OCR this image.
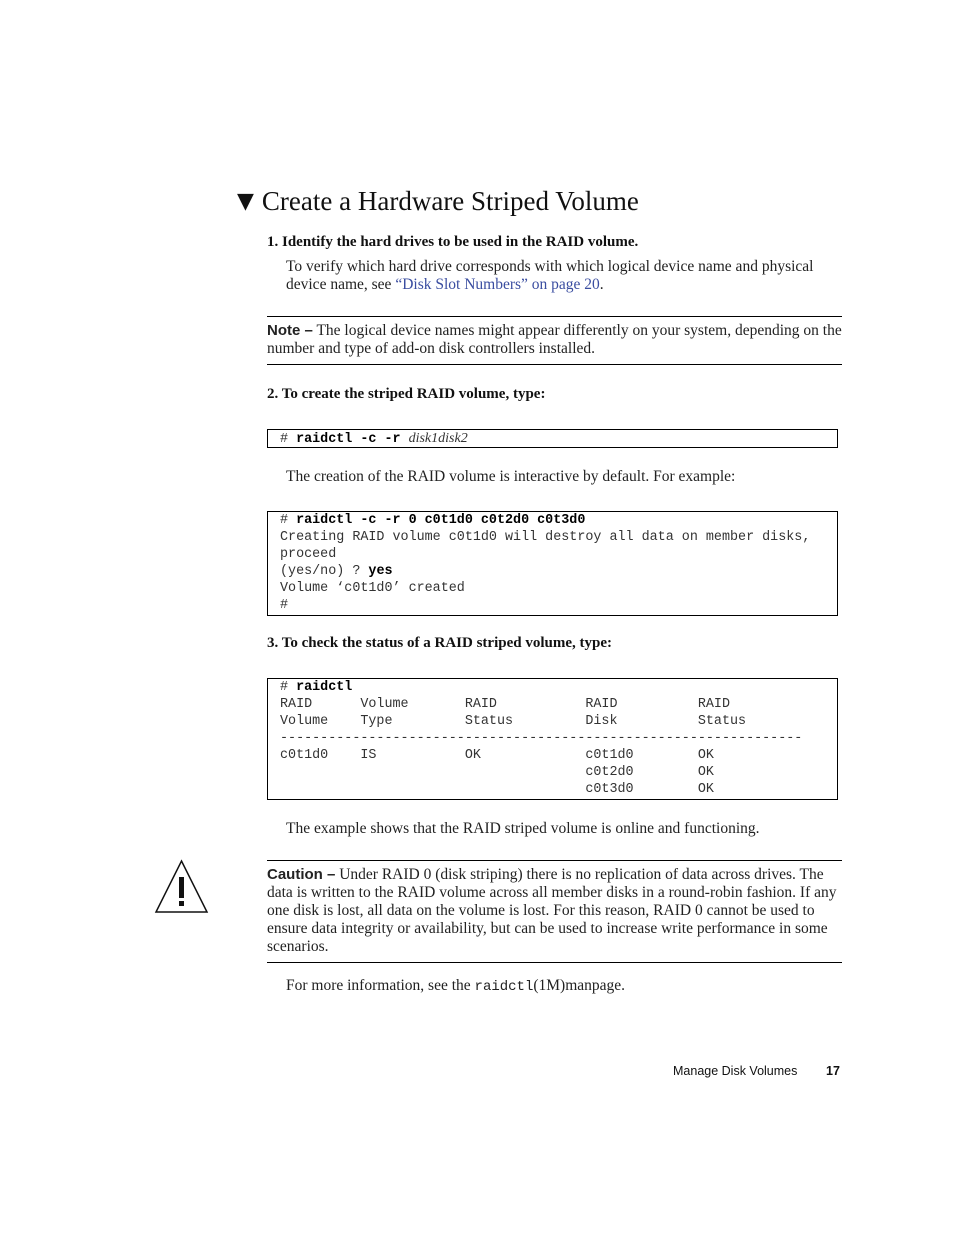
▼ Create a Hardware Striped Volume
1. Identify the hard drives to be used in the RAID volume.
To verify which hard drive corresponds with which logical device name and physical device name, see “Disk Slot Numbers” on page 20.
Note – The logical device names might appear differently on your system, depending on the number and type of add-on disk controllers installed.
2. To create the striped RAID volume, type:
# raidctl -c -r disk1disk2
The creation of the RAID volume is interactive by default. For example:
# raidctl -c -r 0 c0t1d0 c0t2d0 c0t3d0
Creating RAID volume c0t1d0 will destroy all data on member disks,
proceed
(yes/no) ? yes
Volume ‘c0t1d0’ created
#
3. To check the status of a RAID striped volume, type:
# raidctl
RAID      Volume       RAID           RAID          RAID
Volume    Type         Status         Disk          Status
-----------------------------------------------------------------
c0t1d0    IS           OK             c0t1d0        OK
c0t2d0        OK
c0t3d0        OK
The example shows that the RAID striped volume is online and functioning.
Caution – Under RAID 0 (disk striping) there is no replication of data across drives. The data is written to the RAID volume across all member disks in a round-robin fashion. If any one disk is lost, all data on the volume is lost. For this reason, RAID 0 cannot be used to ensure data integrity or availability, but can be used to increase write performance in some scenarios.
For more information, see the raidctl(1M)manpage.
Manage Disk Volumes 17
